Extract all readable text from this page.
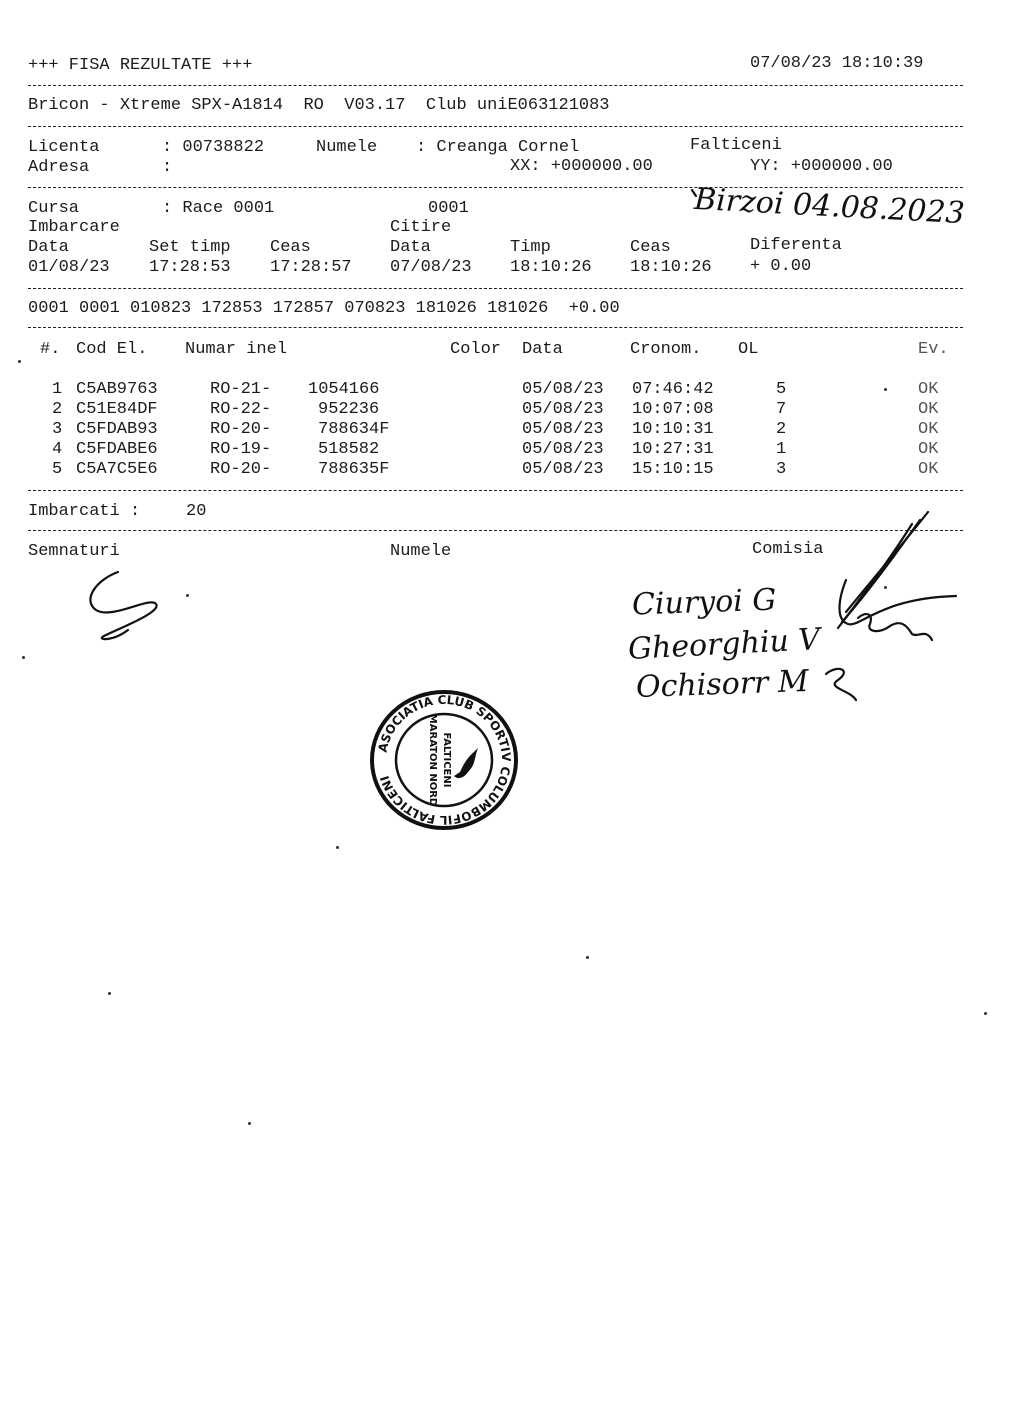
+++ FISA REZULTATE +++	07/08/23 18:10:39
Bricon - Xtreme SPX-A1814  RO  V03.17  Club uniE063121083
Licenta	: 00738822	Numele : Creanga Cornel	Falticeni
Adresa	:	XX: +000000.00	YY: +000000.00
Cursa	: Race 0001	0001
Imbarcare	Citire
Data	Set timp Ceas	Data	Timp	Ceas	Diferenta
01/08/23 17:28:53 17:28:57 07/08/23 18:10:26 18:10:26 + 0.00
0001 0001 010823 172853 172857 070823 181026 181026  +0.00
#. Cod El. Numar inel	Color Data	Cronom. OL	Ev.
1 C5AB9763	RO-21- 1054166	05/08/23 07:46:42	5	OK
2 C51E84DF	RO-22-	952236	05/08/23 10:07:08	7	OK
3 C5FDAB93	RO-20-	788634F	05/08/23 10:10:31	2	OK
4 C5FDABE6	RO-19-	518582	05/08/23 10:27:31	1	OK
5 C5A7C5E6	RO-20-	788635F	05/08/23 15:10:15	3	OK
Imbarcati :	20
Semnaturi	Numele	Comisia
Birzoi 04.08.2023
Ciuryoi G
Gheorghiu V
Ochisorr M
ASOCIATIA CLUB SPORTIV COLUMBOFIL FALTICENI	MARATON NORD FALTICENI
